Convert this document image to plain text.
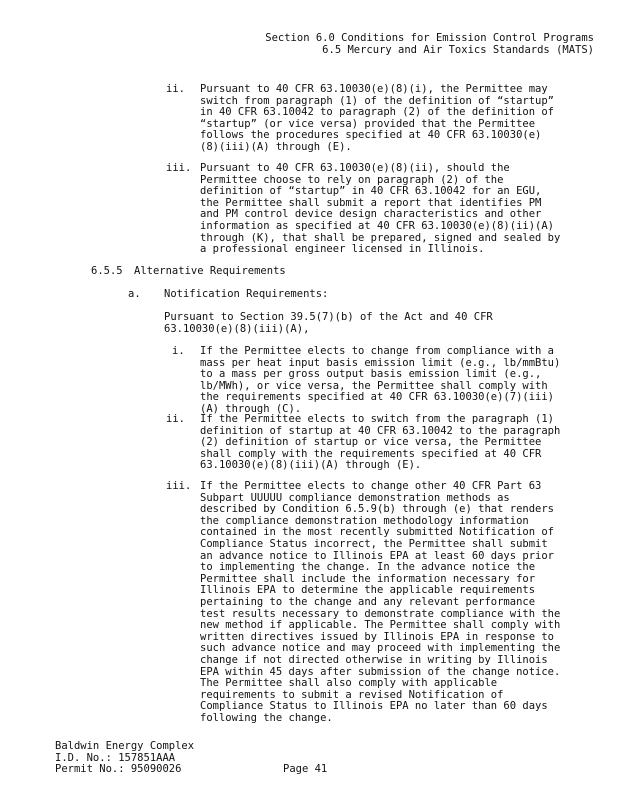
Section 6.0 Conditions for Emission Control Programs
6.5 Mercury and Air Toxics Standards (MATS)
ii. Pursuant to 40 CFR 63.10030(e)(8)(i), the Permittee may switch from paragraph (1) of the definition of “startup” in 40 CFR 63.10042 to paragraph (2) of the definition of “startup” (or vice versa) provided that the Permittee follows the procedures specified at 40 CFR 63.10030(e)(8)(iii)(A) through (E).
iii. Pursuant to 40 CFR 63.10030(e)(8)(ii), should the Permittee choose to rely on paragraph (2) of the definition of “startup” in 40 CFR 63.10042 for an EGU, the Permittee shall submit a report that identifies PM and PM control device design characteristics and other information as specified at 40 CFR 63.10030(e)(8)(ii)(A) through (K), that shall be prepared, signed and sealed by a professional engineer licensed in Illinois.
6.5.5 Alternative Requirements
a. Notification Requirements:
Pursuant to Section 39.5(7)(b) of the Act and 40 CFR 63.10030(e)(8)(iii)(A),
i. If the Permittee elects to change from compliance with a mass per heat input basis emission limit (e.g., lb/mmBtu) to a mass per gross output basis emission limit (e.g., lb/MWh), or vice versa, the Permittee shall comply with the requirements specified at 40 CFR 63.10030(e)(7)(iii)(A) through (C).
ii. If the Permittee elects to switch from the paragraph (1) definition of startup at 40 CFR 63.10042 to the paragraph (2) definition of startup or vice versa, the Permittee shall comply with the requirements specified at 40 CFR 63.10030(e)(8)(iii)(A) through (E).
iii. If the Permittee elects to change other 40 CFR Part 63 Subpart UUUUU compliance demonstration methods as described by Condition 6.5.9(b) through (e) that renders the compliance demonstration methodology information contained in the most recently submitted Notification of Compliance Status incorrect, the Permittee shall submit an advance notice to Illinois EPA at least 60 days prior to implementing the change. In the advance notice the Permittee shall include the information necessary for Illinois EPA to determine the applicable requirements pertaining to the change and any relevant performance test results necessary to demonstrate compliance with the new method if applicable. The Permittee shall comply with written directives issued by Illinois EPA in response to such advance notice and may proceed with implementing the change if not directed otherwise in writing by Illinois EPA within 45 days after submission of the change notice. The Permittee shall also comply with applicable requirements to submit a revised Notification of Compliance Status to Illinois EPA no later than 60 days following the change.
Baldwin Energy Complex
I.D. No.: 157851AAA
Permit No.: 95090026	Page 41
